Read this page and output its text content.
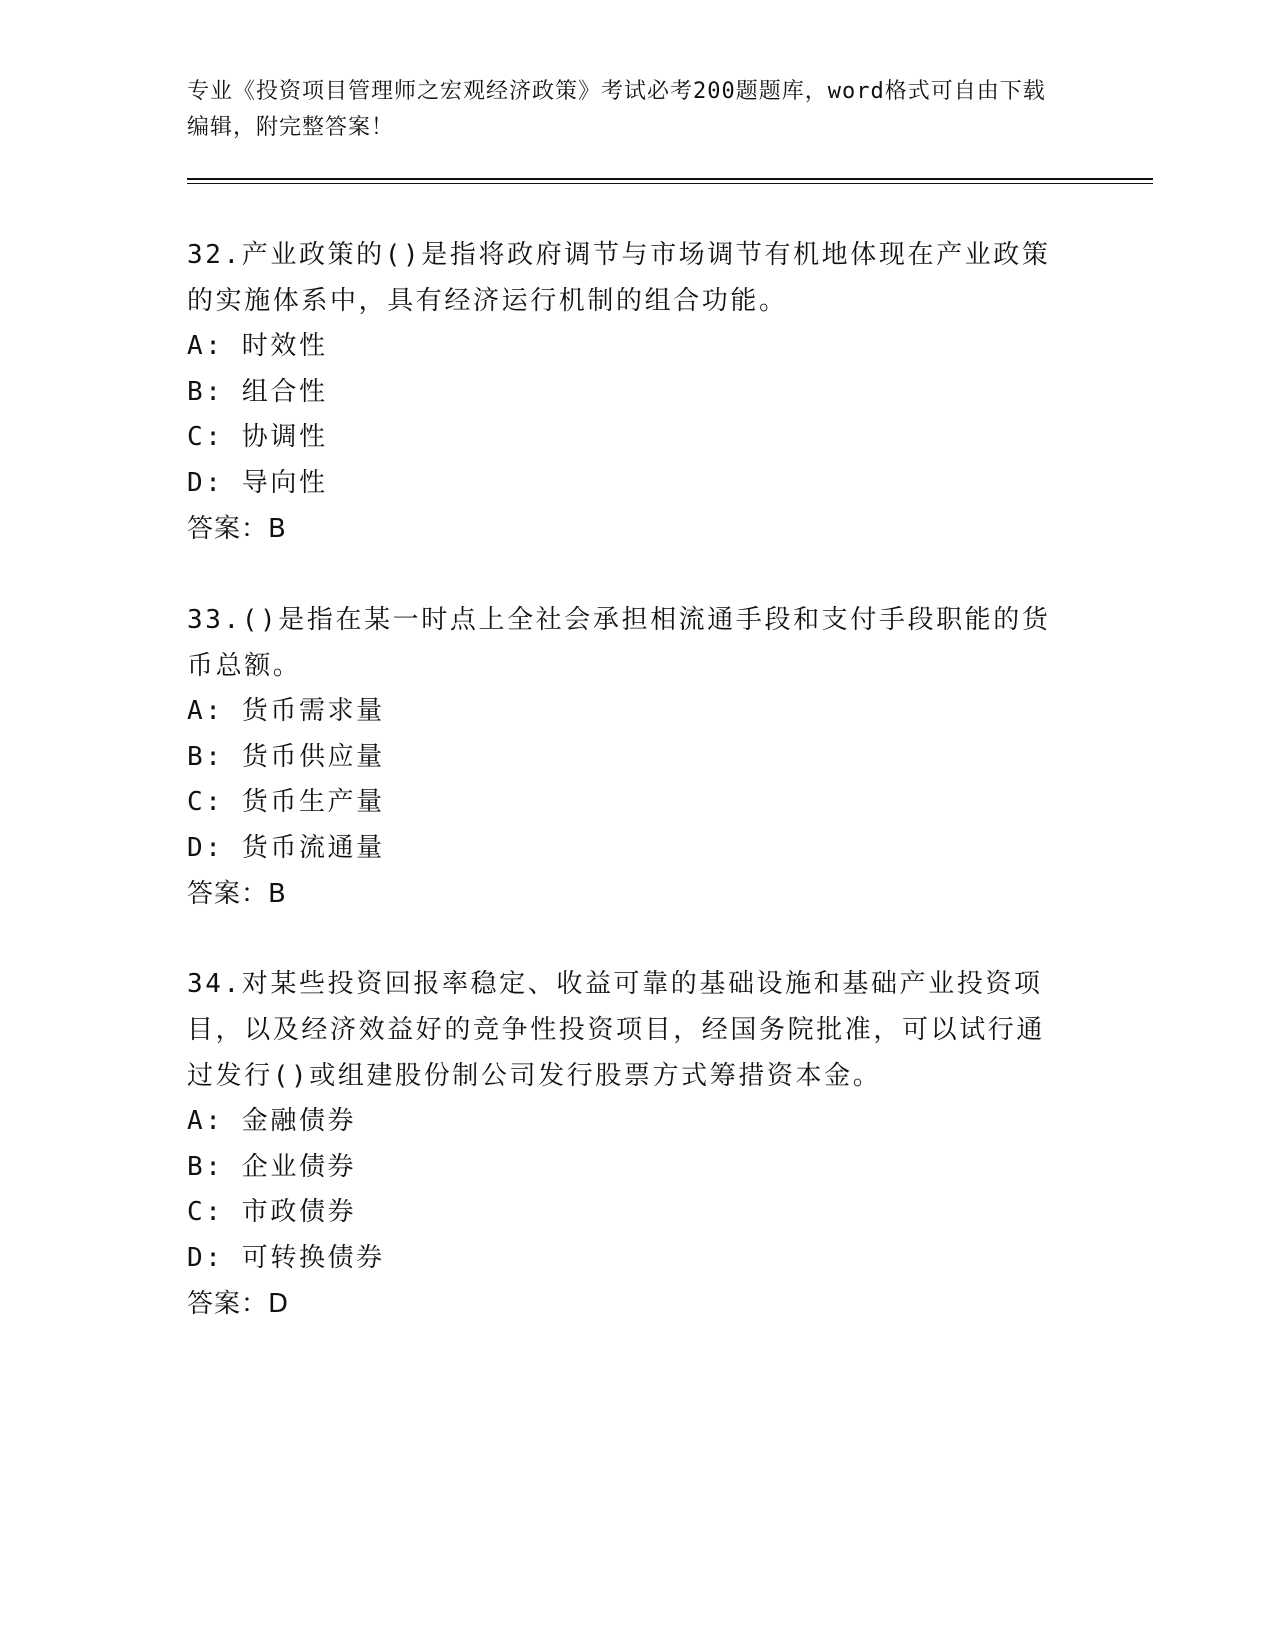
专业《投资项目管理师之宏观经济政策》考试必考200题题库，word格式可自由下载编辑，附完整答案！

32.产业政策的()是指将政府调节与市场调节有机地体现在产业政策的实施体系中，具有经济运行机制的组合功能。

A: 时效性
B: 组合性
C: 协调性
D: 导向性

答案：B

33.()是指在某一时点上全社会承担相流通手段和支付手段职能的货币总额。

A: 货币需求量
B: 货币供应量
C: 货币生产量
D: 货币流通量

答案：B

34.对某些投资回报率稳定、收益可靠的基础设施和基础产业投资项目，以及经济效益好的竞争性投资项目，经国务院批准，可以试行通过发行()或组建股份制公司发行股票方式筹措资本金。

A: 金融债券
B: 企业债券
C: 市政债券
D: 可转换债券

答案：D
